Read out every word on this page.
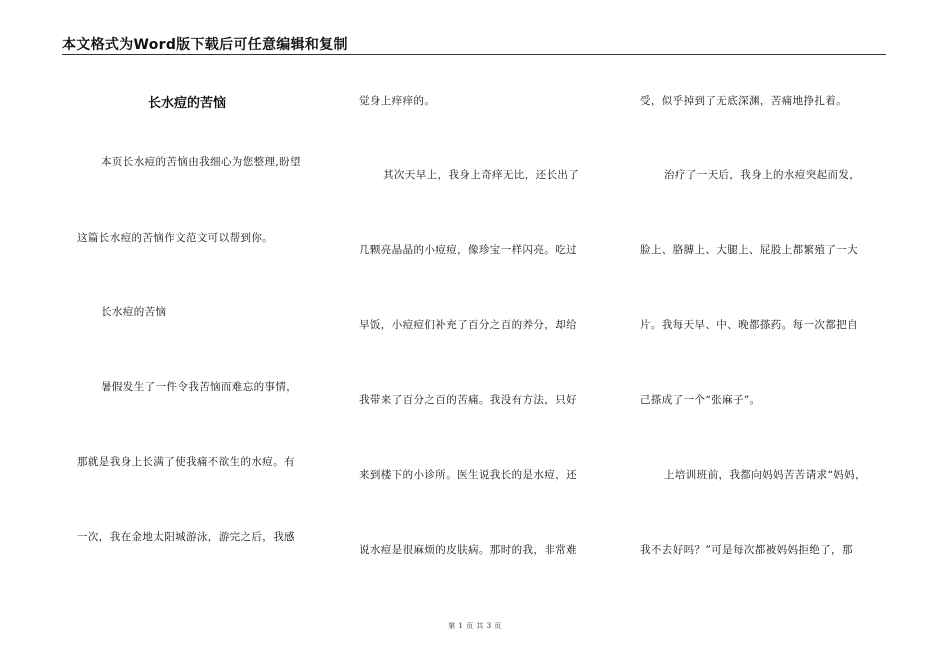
本文格式为Word版下载后可任意编辑和复制
长水痘的苦恼
本页长水痘的苦恼由我细心为您整理,盼望
这篇长水痘的苦恼作文范文可以帮到你。
长水痘的苦恼
暑假发生了一件令我苦恼而难忘的事情，
那就是我身上长满了使我痛不欲生的水痘。有
一次，我在金地太阳城游泳，游完之后，我感
觉身上痒痒的。
其次天早上，我身上奇痒无比，还长出了
几颗亮晶晶的小痘痘，像珍宝一样闪亮。吃过
早饭，小痘痘们补充了百分之百的养分，却给
我带来了百分之百的苦痛。我没有方法，只好
来到楼下的小诊所。医生说我长的是水痘，还
说水痘是很麻烦的皮肤病。那时的我，非常难
受，似乎掉到了无底深渊，苦痛地挣扎着。
治疗了一天后，我身上的水痘突起而发，
脸上、胳膊上、大腿上、屁股上都繁殖了一大
片。我每天早、中、晚都搽药。每一次都把自
己搽成了一个“张麻子”。
上培训班前，我都向妈妈苦苦请求“妈妈，
我不去好吗？”可是每次都被妈妈拒绝了，那
第 1 页 共 3 页
